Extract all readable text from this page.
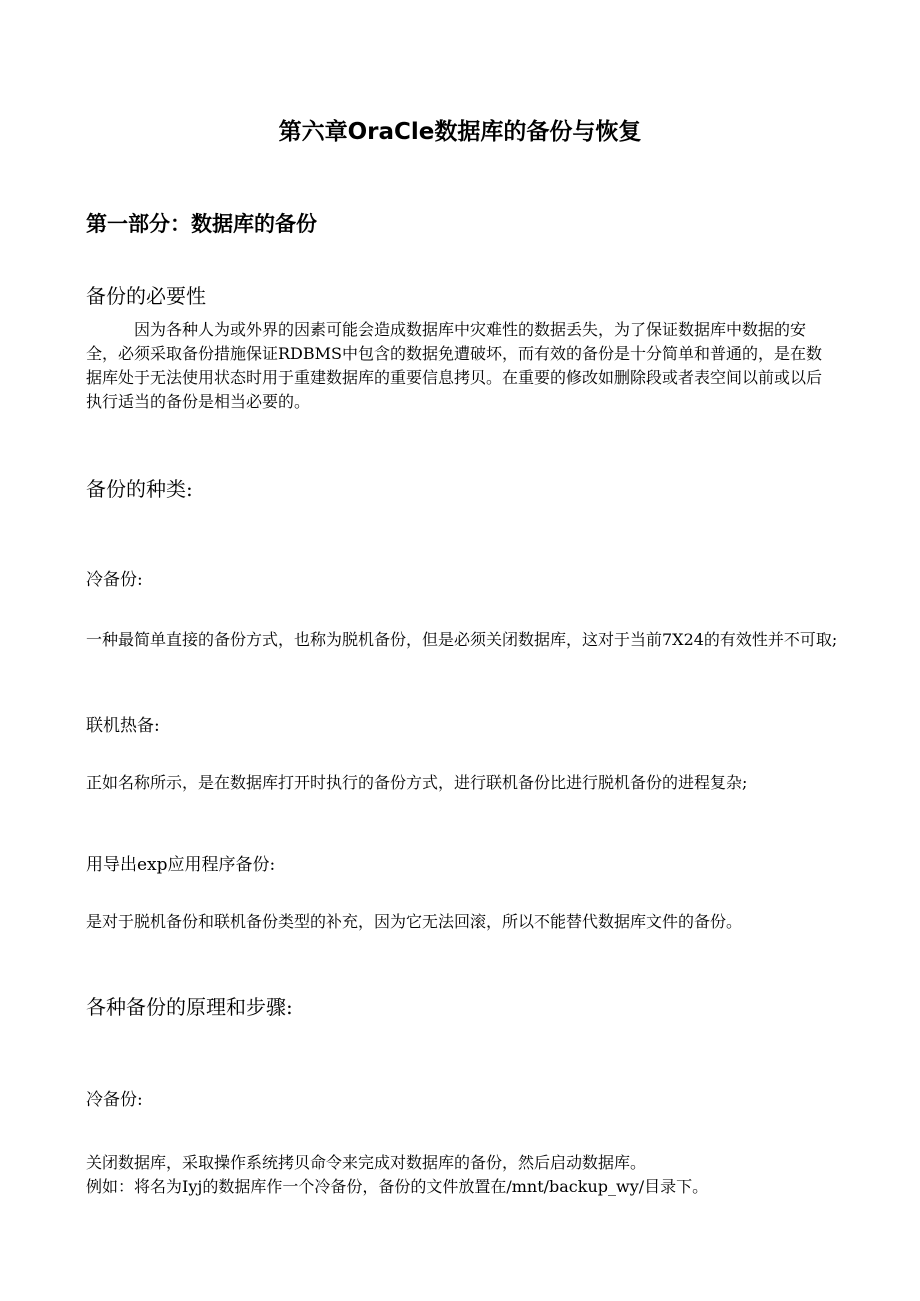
第六章OraCle数据库的备份与恢复
第一部分：数据库的备份
备份的必要性

因为各种人为或外界的因素可能会造成数据库中灾难性的数据丢失，为了保证数据库中数据的安全，必须采取备份措施保证RDBMS中包含的数据免遭破坏，而有效的备份是十分简单和普通的，是在数据库处于无法使用状态时用于重建数据库的重要信息拷贝。在重要的修改如删除段或者表空间以前或以后执行适当的备份是相当必要的。

备份的种类:
冷备份:

一种最简单直接的备份方式，也称为脱机备份，但是必须关闭数据库，这对于当前7X24的有效性并不可取;

联机热备:

正如名称所示，是在数据库打开时执行的备份方式，进行联机备份比进行脱机备份的进程复杂;

用导出exp应用程序备份:

是对于脱机备份和联机备份类型的补充，因为它无法回滚，所以不能替代数据库文件的备份。

各种备份的原理和步骤:
冷备份:

关闭数据库，采取操作系统拷贝命令来完成对数据库的备份，然后启动数据库。

例如：将名为Iyj的数据库作一个冷备份，备份的文件放置在/mnt/backup_wy/目录下。
